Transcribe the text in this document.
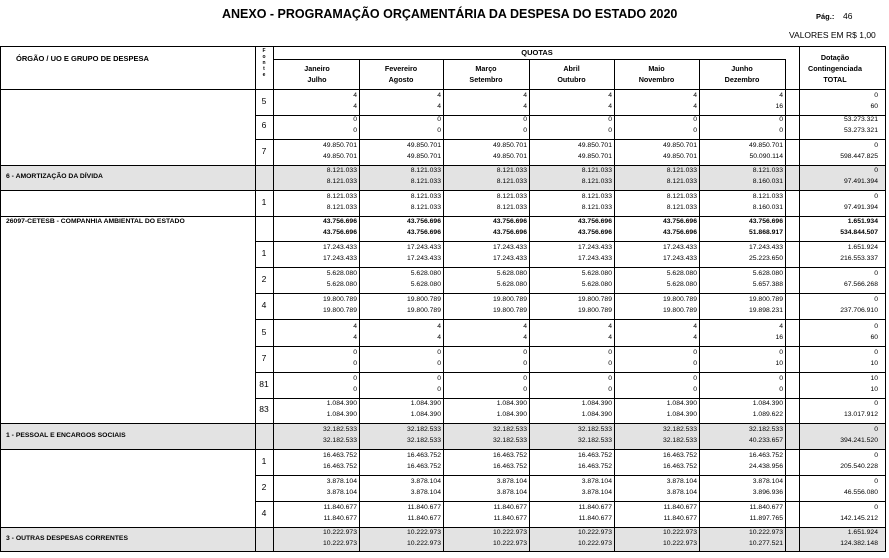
ANEXO - PROGRAMAÇÃO ORÇAMENTÁRIA DA DESPESA DO ESTADO 2020	Pág.: 46
VALORES EM R$ 1,00
ÓRGÃO / UO E GRUPO DE DESPESA
F
o
n
t
e
QUOTAS
Janeiro
Julho
Fevereiro
Agosto
Março
Setembro
Abril
Outubro
Maio
Novembro
Junho
Dezembro
Dotação
Contingenciada
TOTAL
5
4	4	4	4	4	4	0
4	4	4	4	4	16	60
6
0	0	0	0	0	0	53.273.321
0	0	0	0	0	0	53.273.321
7
49.850.701	49.850.701	49.850.701	49.850.701	49.850.701	49.850.701	0
49.850.701	49.850.701	49.850.701	49.850.701	49.850.701	50.090.114	598.447.825
6 - AMORTIZAÇÃO DA DÍVIDA
8.121.033	8.121.033	8.121.033	8.121.033	8.121.033	8.121.033	0
8.121.033	8.121.033	8.121.033	8.121.033	8.121.033	8.160.031	97.491.394
1
8.121.033	8.121.033	8.121.033	8.121.033	8.121.033	8.121.033	0
8.121.033	8.121.033	8.121.033	8.121.033	8.121.033	8.160.031	97.491.394
26097-CETESB - COMPANHIA AMBIENTAL DO ESTADO	43.756.696	43.756.696	43.756.696	43.756.696	43.756.696	43.756.696	1.651.934
43.756.696	43.756.696	43.756.696	43.756.696	43.756.696	51.868.917	534.844.507
1
17.243.433	17.243.433	17.243.433	17.243.433	17.243.433	17.243.433	1.651.924
17.243.433	17.243.433	17.243.433	17.243.433	17.243.433	25.223.650	216.553.337
2
5.628.080	5.628.080	5.628.080	5.628.080	5.628.080	5.628.080	0
5.628.080	5.628.080	5.628.080	5.628.080	5.628.080	5.657.388	67.566.268
4
19.800.789	19.800.789	19.800.789	19.800.789	19.800.789	19.800.789	0
19.800.789	19.800.789	19.800.789	19.800.789	19.800.789	19.898.231	237.706.910
5
4	4	4	4	4	4	0
4	4	4	4	4	16	60
7
0	0	0	0	0	0	0
0	0	0	0	0	10	10
81
0	0	0	0	0	0	10
0	0	0	0	0	0	10
83
1.084.390	1.084.390	1.084.390	1.084.390	1.084.390	1.084.390	0
1.084.390	1.084.390	1.084.390	1.084.390	1.084.390	1.089.622	13.017.912
1 - PESSOAL E ENCARGOS SOCIAIS
32.182.533	32.182.533	32.182.533	32.182.533	32.182.533	32.182.533	0
32.182.533	32.182.533	32.182.533	32.182.533	32.182.533	40.233.657	394.241.520
1
16.463.752	16.463.752	16.463.752	16.463.752	16.463.752	16.463.752	0
16.463.752	16.463.752	16.463.752	16.463.752	16.463.752	24.438.956	205.540.228
2
3.878.104	3.878.104	3.878.104	3.878.104	3.878.104	3.878.104	0
3.878.104	3.878.104	3.878.104	3.878.104	3.878.104	3.896.936	46.556.080
4
11.840.677	11.840.677	11.840.677	11.840.677	11.840.677	11.840.677	0
11.840.677	11.840.677	11.840.677	11.840.677	11.840.677	11.897.765	142.145.212
3 - OUTRAS DESPESAS CORRENTES
10.222.973	10.222.973	10.222.973	10.222.973	10.222.973	10.222.973	1.651.924
10.222.973	10.222.973	10.222.973	10.222.973	10.222.973	10.277.521	124.382.148
